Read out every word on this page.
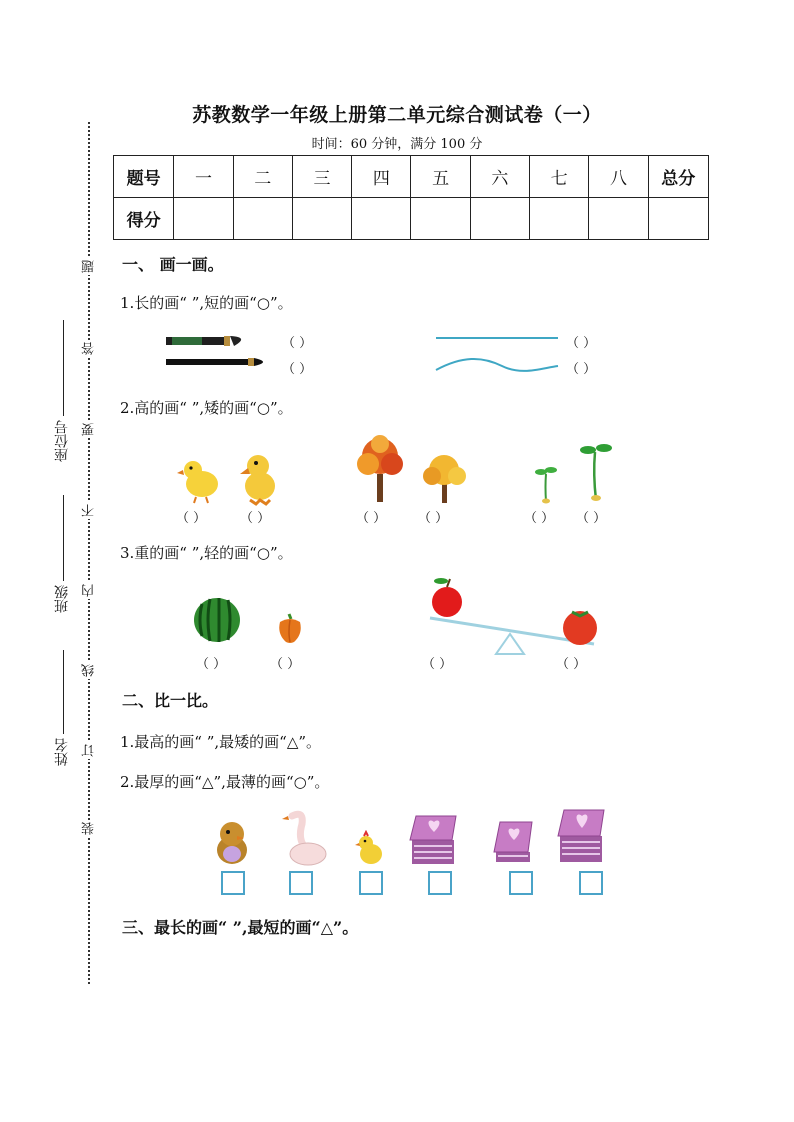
苏教数学一年级上册第二单元综合测试卷（一）
时间：60 分钟，满分 100 分
题号	一	二	三	四	五	六	七	八	总分
得分									
题
答
要
不
内
线
订
装
座位号
班级
姓名
一、 画一画。
1.长的画“ ”,短的画“○”。
（ ）
（ ）
（ ）
（ ）
2.高的画“ ”,矮的画“○”。
（ ）	（ ）	（ ） （ ）	（ ） （ ）
3.重的画“ ”,轻的画“○”。
（ ）	（ ）	（ ）	（ ）
二、比一比。
1.最高的画“ ”,最矮的画“△”。
2.最厚的画“△”,最薄的画“○”。
三、最长的画“ ”,最短的画“△”。
